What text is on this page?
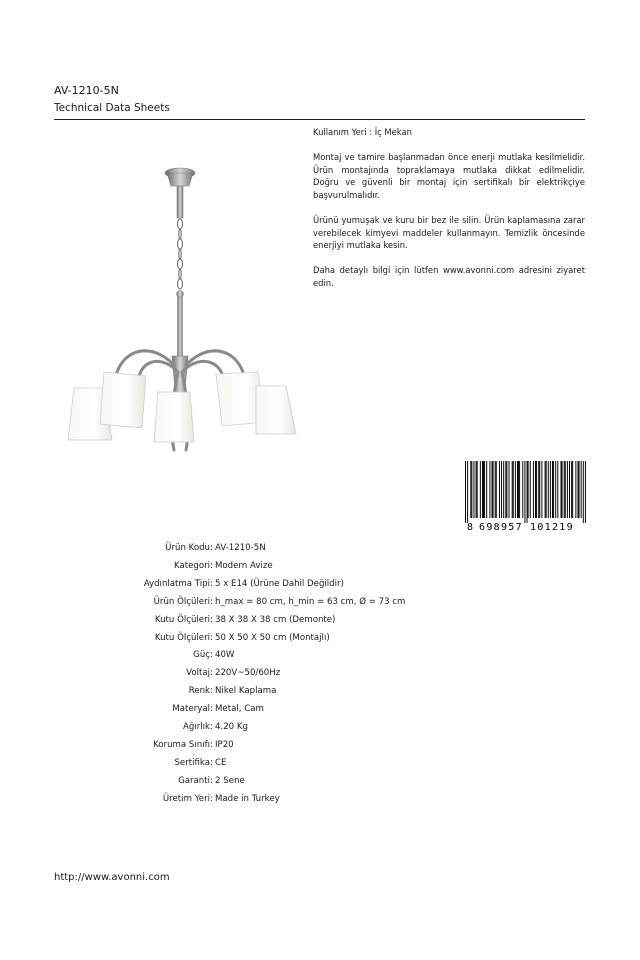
AV-1210-5N
Technical Data Sheets

Kullanım Yeri : İç Mekan

Montaj ve tamire başlanmadan önce enerji mutlaka kesilmelidir. Ürün montajında topraklamaya mutlaka dikkat edilmelidir. Doğru ve güvenli bir montaj için sertifikalı bir elektrikçiye başvurulmalıdır.

Ürünü yumuşak ve kuru bir bez ile silin. Ürün kaplamasına zarar verebilecek kimyevi maddeler kullanmayın. Temizlik öncesinde enerjiyi mutlaka kesin.

Daha detaylı bilgi için lütfen www.avonni.com adresini ziyaret edin.

8 698957 101219
Ürün Kodu : AV-1210-5N
Kategori : Modern Avize
Aydınlatma Tipi : 5 x E14 (Ürüne Dahil Değildir)
Ürün Ölçüleri : h_max = 80 cm, h_min = 63 cm, Ø = 73 cm
Kutu Ölçüleri : 38 X 38 X 38 cm (Demonte)
Kutu Ölçüleri : 50 X 50 X 50 cm (Montajlı)
Güç : 40W
Voltaj : 220V~50/60Hz
Renk : Nikel Kaplama
Materyal : Metal, Cam
Ağırlık : 4.20 Kg
Koruma Sınıfı : IP20
Sertifika : CE
Garanti : 2 Sene
Üretim Yeri : Made in Turkey
http://www.avonni.com
